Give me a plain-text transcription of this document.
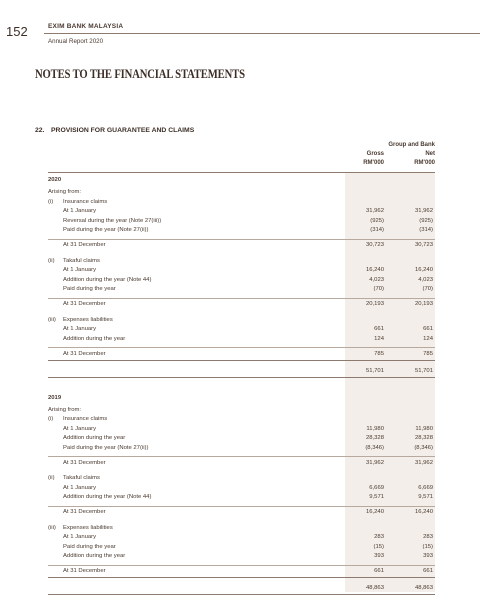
152	EXIM BANK MALAYSIA
Annual Report 2020
NOTES TO THE FINANCIAL STATEMENTS
22. PROVISION FOR GUARANTEE AND CLAIMS
Group and Bank
Gross
RM'000
Net
RM'000
2020
Arising from:
(i) Insurance claims
At 1 January	31,962	31,962
Reversal during the year (Note 27(iii))	(925)	(925)
Paid during the year (Note 27(ii))	(314)	(314)
At 31 December	30,723	30,723
(ii) Takaful claims
At 1 January	16,240	16,240
Addition during the year (Note 44)	4,023	4,023
Paid during the year	(70)	(70)
At 31 December	20,193	20,193
(iii) Expenses liabilities
At 1 January	661	661
Addition during the year	124	124
At 31 December	785	785
51,701	51,701
2019
Arising from:
(i) Insurance claims
At 1 January	11,980	11,980
Addition during the year	28,328	28,328
Paid during the year (Note 27(ii))	(8,346)	(8,346)
At 31 December	31,962	31,962
(ii) Takaful claims
At 1 January	6,669	6,669
Addition during the year (Note 44)	9,571	9,571
At 31 December	16,240	16,240
(iii) Expenses liabilities
At 1 January	283	283
Paid during the year	(15)	(15)
Addition during the year	393	393
At 31 December	661	661
48,863	48,863
